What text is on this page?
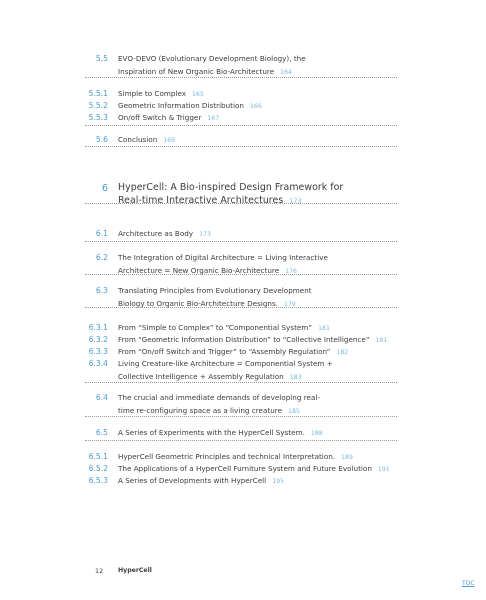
5.5 EVO-DEVO (Evolutionary Development Biology), the
Inspiration of New Organic Bio-Architecture 164
5.5.1 Simple to Complex 165
5.5.2 Geometric Information Distribution 166
5.5.3 On/off Switch & Trigger 167
5.6 Conclusion 169
6 HyperCell: A Bio-inspired Design Framework for
Real-time Interactive Architectures 173
6.1 Architecture as Body 173
6.2 The Integration of Digital Architecture = Living Interactive
Architecture = New Organic Bio-Architecture 176
6.3 Translating Principles from Evolutionary Development
Biology to Organic Bio-Architecture Designs. 179
6.3.1 From “Simple to Complex” to “Componential System” 181
6.3.2 From “Geometric Information Distribution” to “Collective Intelligence” 181
6.3.3 From “On/off Switch and Trigger” to “Assembly Regulation” 182
6.3.4 Living Creature-like Architecture = Componential System +
Collective Intelligence + Assembly Regulation 183
6.4 The crucial and immediate demands of developing real-
time re-configuring space as a living creature 185
6.5 A Series of Experiments with the HyperCell System. 188
6.5.1 HyperCell Geometric Principles and technical Interpretation. 189
6.5.2 The Applications of a HyperCell Furniture System and Future Evolution 191
6.5.3 A Series of Developments with HyperCell 195
12 HyperCell
TOC
